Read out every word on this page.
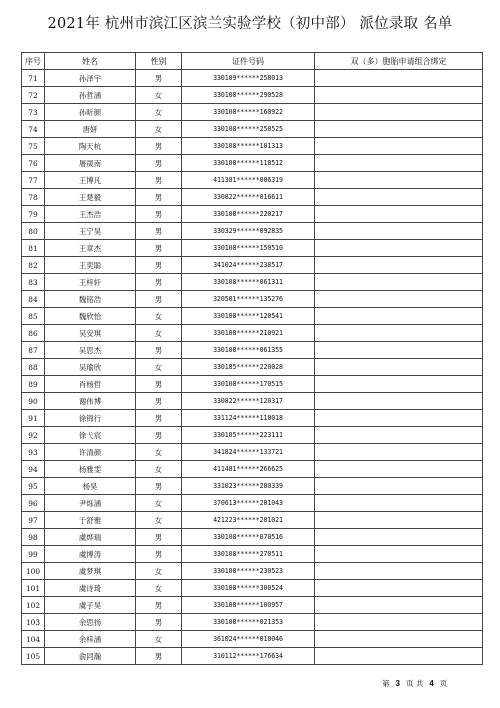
2021年 杭州市滨江区滨兰实验学校（初中部） 派位录取 名单
序号	姓名	性别	证件号码	双（多）胞胎申请组合绑定
71	孙泽宇	男	330109******258013	
72	孙哲涵	女	330108******290528	
73	孙昕颜	女	330108******160922	
74	唐妍	女	330108******250525	
75	陶天杭	男	330108******101313	
76	屠晟南	男	330108******110512	
77	王博凡	男	411381******006319	
78	王楚毅	男	330822******016611	
79	王杰浩	男	330108******220217	
80	王宁昊	男	330329******092835	
81	王章杰	男	330108******150510	
82	王奕聪	男	341024******238517	
83	王梓轩	男	330108******061311	
84	魏铭浩	男	320501******135276	
85	魏欣怡	女	330108******120541	
86	吴安琪	女	330108******210921	
87	吴思杰	男	330108******061355	
88	吴瑜欣	女	330185******220028	
89	肖杨哲	男	330108******170515	
90	谢伟博	男	330822******120317	
91	徐锦行	男	331124******110018	
92	徐弋宸	男	330105******223111	
93	许清颜	女	341824******133721	
94	杨雅雯	女	411481******266625	
95	杨昊	男	331023******280339	
96	尹烁涵	女	370613******201043	
97	于舒雅	女	421223******281021	
98	虞烨瑞	男	330108******070516	
99	虞博涛	男	330108******270511	
100	虞梦琪	女	330108******230523	
101	虞诗琦	女	330108******300524	
102	虞子昊	男	330108******100957	
103	余思扬	男	330108******021353	
104	余梓涵	女	361024******010046	
105	俞同瀚	男	310112******176634	
第 3 页 共 4 页
